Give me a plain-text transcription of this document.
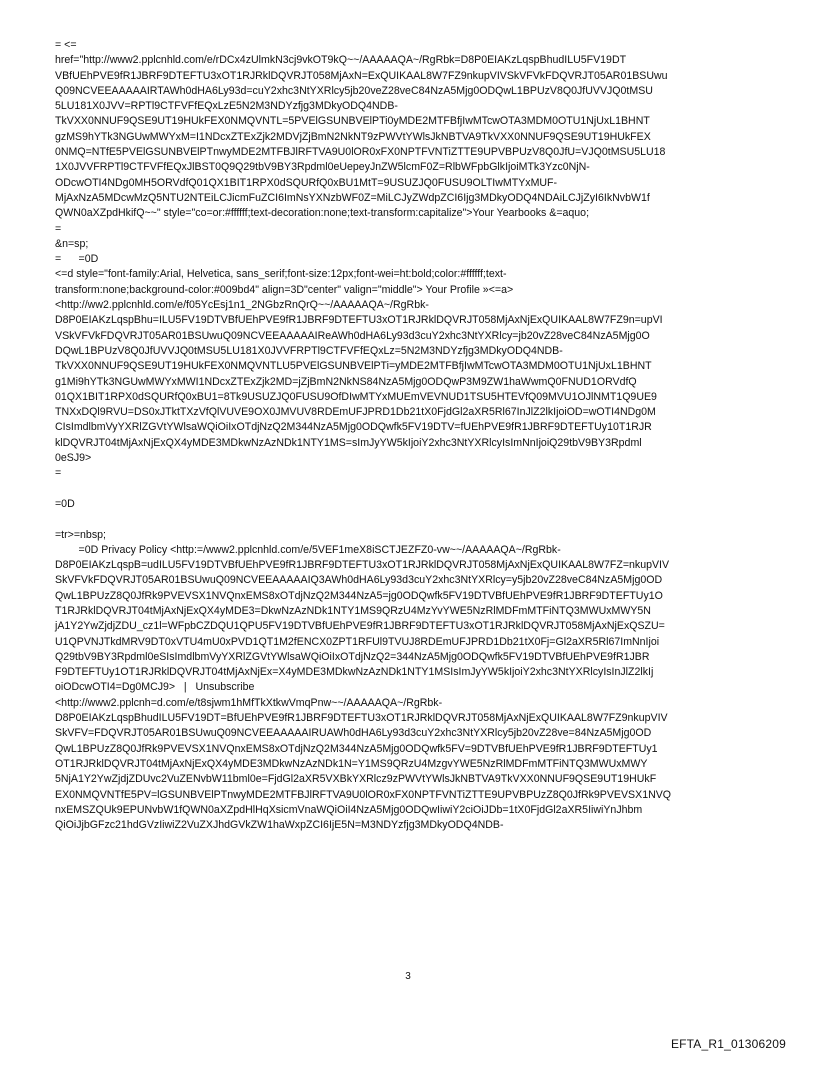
= <=
href="http://www2.pplcnhld.com/e/rDCx4zUlmkN3cj9vkOT9kQ~~/AAAAAQA~/RgRbk=D8P0EIAKzLqspBhudILU5FV19DT
VBfUEhPVE9fR1JBRF9DTEFTU3xOT1RJRklDQVRJT058MjAxN=ExQUIKAAL8W7FZ9nkupVIVSkVFVkFDQVRJT05AR01BSUwu
Q09NCVEEAAAAAIRTAWh0dHA6Ly93d=cuY2xhc3NtYXRlcy5jb20veZ28veC84NzA5Mjg0ODQwL1BPUzV8Q0JfUVVJQ0tMSU
5LU181X0JVV=RPTl9CTFVFfEQxLzE5N2M3NDYzfjg3MDkyODQ4NDB-
TkVXX0NNUF9QSE9UT19HUkFEX0NMQVNTL=5PVElGSUNBVElPTi0yMDE2MTFBfjIwMTcwOTA3MDM0OTU1NjUxL1BHNT
gzMS9hYTk3NGUwMWYxM=I1NDcxZTExZjk2MDVjZjBmN2NkNT9zPWVtYWlsJkNBTVA9TkVXX0NNUF9QSE9UT19HUkFEX
0NMQ=NTfE5PVElGSUNBVElPTnwyMDE2MTFBJlRFTVA9U0lOR0xFX0NPTFVNTiZTTE9UPVBPUzV8Q0JfU=VJQ0tMSU5LU18
1X0JVVFRPTl9CTFVFfEQxJlBST0Q9Q29tbV9BY3Rpdml0eUepeyJnZW5lcmF0Z=RlbWFpbGlkIjoiMTk3Yzc0NjN-
ODcwOTI4NDg0MH5ORVdfQ01QX1BIT1RPX0dSQURfQ0xBU1MtT=9USUZJQ0FUSU9OLTIwMTYxMUF-
MjAxNzA5MDcwMzQ5NTU2NTEiLCJicmFuZCI6ImNsYXNzbWF0Z=MiLCJyZWdpZCI6Ijg3MDkyODQ4NDAiLCJjZyI6IkNvbW1f
QWN0aXZpdHkifQ~~" style="co=or:#ffffff;text-decoration:none;text-transform:capitalize">Your Yearbooks &=aquo;
=
&n=sp;
=	=0D
<=d style="font-family:Arial, Helvetica, sans_serif;font-size:12px;font-wei=ht:bold;color:#ffffff;text-
transform:none;background-color:#009bd4" align=3D"center" valign="middle"> Your Profile »<=a>
<http://ww2.pplcnhld.com/e/f05YcEsj1n1_2NGbzRnQrQ~~/AAAAAQA~/RgRbk-
D8P0EIAKzLqspBhu=ILU5FV19DTVBfUEhPVE9fR1JBRF9DTEFTU3xOT1RJRklDQVRJT058MjAxNjExQUIKAAL8W7FZ9n=upVI
VSkVFVkFDQVRJT05AR01BSUwuQ09NCVEEAAAAAIReAWh0dHA6Ly93d3cuY2xhc3NtYXRlcy=jb20vZ28veC84NzA5Mjg0O
DQwL1BPUzV8Q0JfUVVJQ0tMSU5LU181X0JVVFRPTl9CTFVFfEQxLz=5N2M3NDYzfjg3MDkyODQ4NDB-
TkVXX0NNUF9QSE9UT19HUkFEX0NMQVNTLU5PVElGSUNBVElPTi=yMDE2MTFBfjIwMTcwOTA3MDM0OTU1NjUxL1BHNT
g1Mi9hYTk3NGUwMWYxMWI1NDcxZTExZjk2MD=jZjBmN2NkNS84NzA5Mjg0ODQwP3M9ZW1haWwmQ0FNUD1ORVdfQ
01QX1BIT1RPX0dSQURfQ0xBU1=8Tk9USUZJQ0FUSU9OfDIwMTYxMUEmVEVNUD1TSU5HTEVfQ09MVU1OJlNMT1Q9UE9
TNXxDQl9RVU=DS0xJTktTXzVfQlVUVE9OX0JMVUV8RDEmUFJPRD1Db21tX0FjdGl2aXR5Rl67InJlZ2lkIjoiOD=wOTI4NDg0M
CIsImdlbmVyYXRlZGVtYWlsaWQiOiIxOTdjNzQ2M344NzA5Mjg0ODQwfk5FV19DTV=fUEhPVE9fR1JBRF9DTEFTUy10T1RJR
klDQVRJT04tMjAxNjExQX4yMDE3MDkwNzAzNDk1NTY1MS=sImJyYW5kIjoiY2xhc3NtYXRlcyIsImNnIjoiQ29tbV9BY3Rpdml
0eSJ9>
=
=0D
=tr>=nbsp;
	=0D Privacy Policy <http:=/www2.pplcnhld.com/e/5VEF1meX8iSCTJEZFZ0-vw~~/AAAAAQA~/RgRbk-
D8P0EIAKzLqspB=udILU5FV19DTVBfUEhPVE9fR1JBRF9DTEFTU3xOT1RJRklDQVRJT058MjAxNjExQUIKAAL8W7FZ=nkupVIV
SkVFVkFDQVRJT05AR01BSUwuQ09NCVEEAAAAAIQ3AWh0dHA6Ly93d3cuY2xhc3NtYXRlcy=y5jb20vZ28veC84NzA5Mjg0OD
QwL1BPUzZ8Q0JfRk9PVEVSX1NVQnxEMS8xOTdjNzQ2M344NzA5=jg0ODQwfk5FV19DTVBfUEhPVE9fR1JBRF9DTEFTUy1O
T1RJRklDQVRJT04tMjAxNjExQX4yMDE3=DkwNzAzNDk1NTY1MS9QRzU4MzYvYWE5NzRlMDFmMTFiNTQ3MWUxMWY5N
jA1Y2YwZjdjZDU_cz1l=WFpbCZDQU1QPU5FV19DTVBfUEhPVE9fR1JBRF9DTEFTU3xOT1RJRklDQVRJT058MjAxNjExQSZU=
U1QPVNJTkdMRV9DT0xVTU4mU0xPVD1QT1M2fENCX0ZPT1RFUl9TVUJ8RDEmUFJPRD1Db21tX0Fj=Gl2aXR5Rl67ImNnIjoi
Q29tbV9BY3Rpdml0eSIsImdlbmVyYXRlZGVtYWlsaWQiOiIxOTdjNzQ2=344NzA5Mjg0ODQwfk5FV19DTVBfUEhPVE9fR1JBR
F9DTEFTUy1OT1RJRklDQVRJT04tMjAxNjEx=X4yMDE3MDkwNzAzNDk1NTY1MSIsImJyYW5kIjoiY2xhc3NtYXRlcyIsInJlZ2lkIj
oiODcwOTI4=Dg0MCJ9>   |   Unsubscribe
<http://www2.pplcnh=d.com/e/t8sjwm1hMfTkXtkwVmqPnw~~/AAAAAQA~/RgRbk-
D8P0EIAKzLqspBhudILU5FV19DT=BfUEhPVE9fR1JBRF9DTEFTU3xOT1RJRklDQVRJT058MjAxNjExQUIKAAL8W7FZ9nkupVIV
SkVFV=FDQVRJT05AR01BSUwuQ09NCVEEAAAAAIRUAWh0dHA6Ly93d3cuY2xhc3NtYXRlcy5jb20vZ28ve=84NzA5Mjg0OD
QwL1BPUzZ8Q0JfRk9PVEVSX1NVQnxEMS8xOTdjNzQ2M344NzA5Mjg0ODQwfk5FV=9DTVBfUEhPVE9fR1JBRF9DTEFTUy1
OT1RJRklDQVRJT04tMjAxNjExQX4yMDE3MDkwNzAzNDk1N=Y1MS9QRzU4MzgvYWE5NzRlMDFmMTFiNTQ3MWUxMWY
5NjA1Y2YwZjdjZDUvc2VuZENvbW11bml0e=FjdGl2aXR5VXBkYXRlcz9zPWVtYWlsJkNBTVA9TkVXX0NNUF9QSE9UT19HUkF
EX0NMQVNTfE5PV=lGSUNBVElPTnwyMDE2MTFBJlRFTVA9U0lOR0xFX0NPTFVNTiZTTE9UPVBPUzZ8Q0JfRk9PVEVSX1NVQ
nxEMSZQUk9EPUNvbW1fQWN0aXZpdHlHqXsicmVnaWQiOiI4NzA5Mjg0ODQwIiwiY2ciOiJDb=1tX0FjdGl2aXR5IiwiYnJhbm
QiOiJjbGFzc21hdGVzIiwiZ2VuZXJhdGVkZW1haWxpZCI6IjE5N=M3NDYzfjg3MDkyODQ4NDB-
3
EFTA_R1_01306209
